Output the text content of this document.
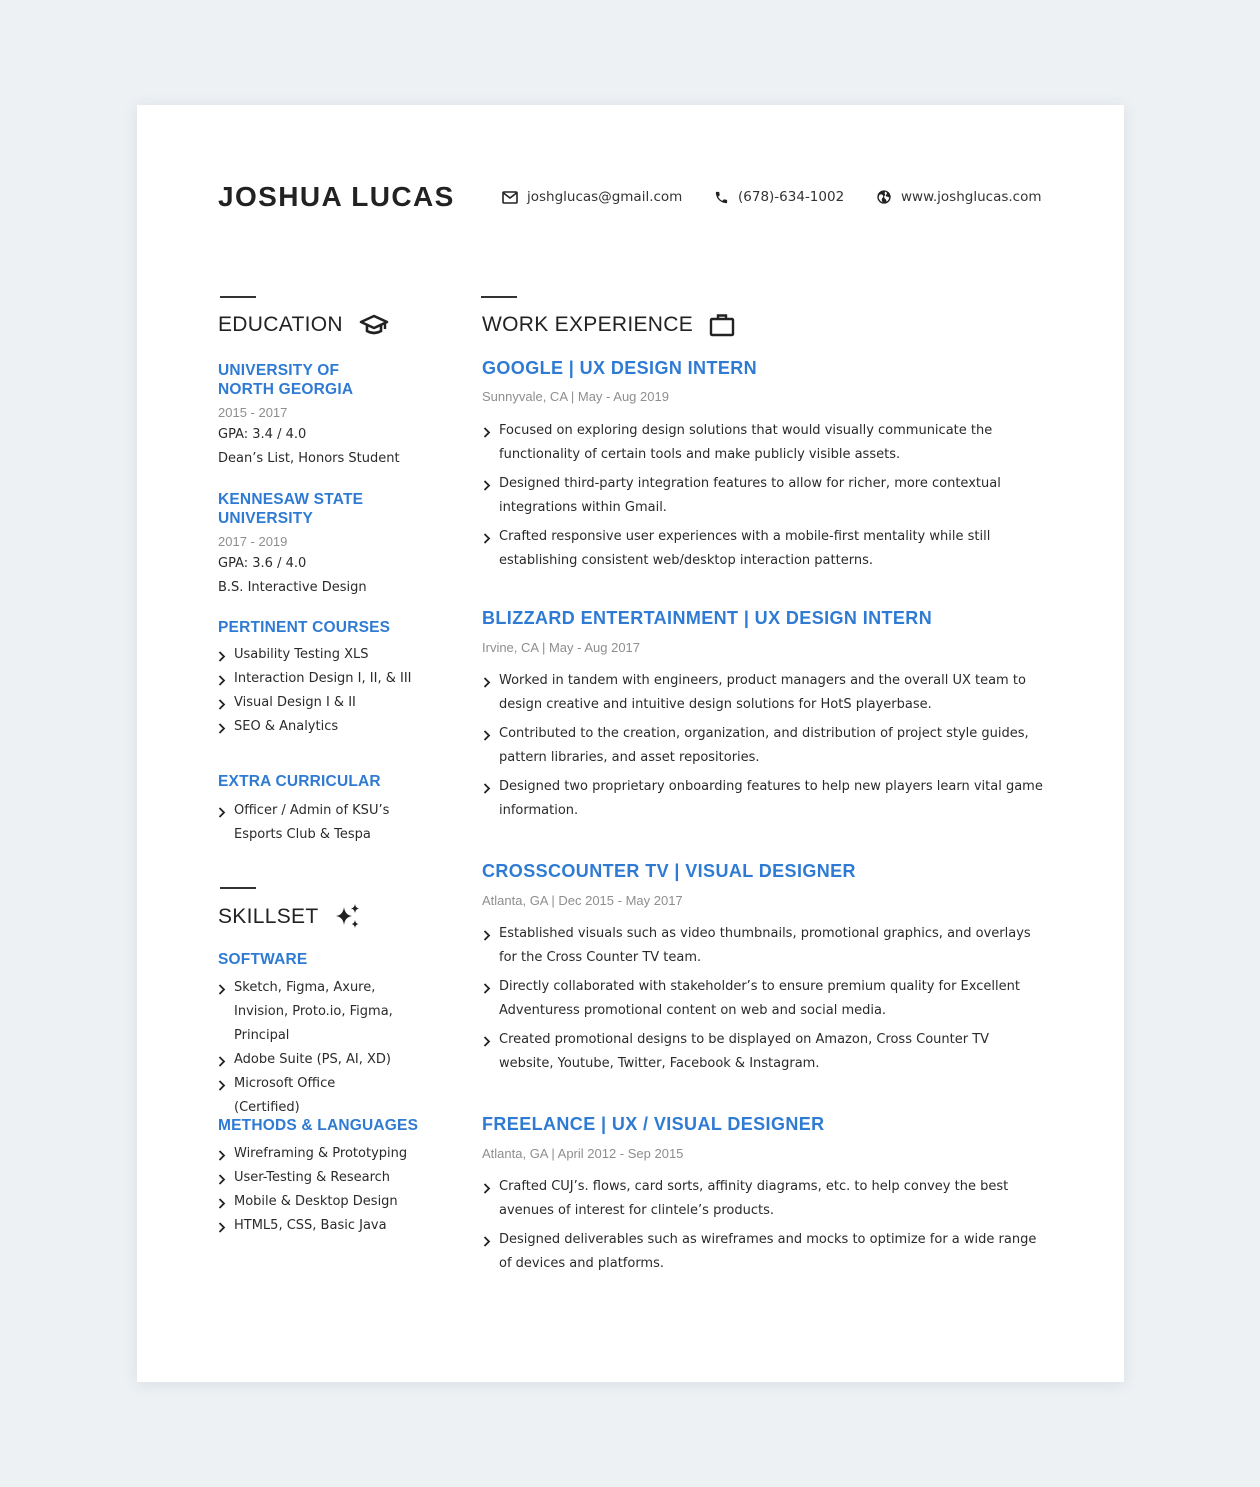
JOSHUA LUCAS	joshglucas@gmail.com	(678)-634-1002	www.joshglucas.com
EDUCATION
UNIVERSITY OF
NORTH GEORGIA
2015 - 2017
GPA: 3.4 / 4.0
Dean’s List, Honors Student
KENNESAW STATE
UNIVERSITY
2017 - 2019
GPA: 3.6 / 4.0
B.S. Interactive Design
PERTINENT COURSES
Usability Testing XLS
Interaction Design I, II, & III
Visual Design I & II
SEO & Analytics
EXTRA CURRICULAR
Officer / Admin of KSU’s Esports Club & Tespa
SKILLSET
SOFTWARE
Sketch, Figma, Axure, Invision, Proto.io, Figma, Principal
Adobe Suite (PS, AI, XD)
Microsoft Office (Certified)
METHODS & LANGUAGES
Wireframing & Prototyping
User-Testing & Research
Mobile & Desktop Design
HTML5, CSS, Basic Java
WORK EXPERIENCE
GOOGLE | UX DESIGN INTERN
Sunnyvale, CA | May - Aug 2019
Focused on exploring design solutions that would visually communicate the functionality of certain tools and make publicly visible assets.
Designed third-party integration features to allow for richer, more contextual integrations within Gmail.
Crafted responsive user experiences with a mobile-first mentality while still establishing consistent web/desktop interaction patterns.
BLIZZARD ENTERTAINMENT | UX DESIGN INTERN
Irvine, CA | May - Aug 2017
Worked in tandem with engineers, product managers and the overall UX team to design creative and intuitive design solutions for HotS playerbase.
Contributed to the creation, organization, and distribution of project style guides, pattern libraries, and asset repositories.
Designed two proprietary onboarding features to help new players learn vital game information.
CROSSCOUNTER TV | VISUAL DESIGNER
Atlanta, GA | Dec 2015 - May 2017
Established visuals such as video thumbnails, promotional graphics, and overlays for the Cross Counter TV team.
Directly collaborated with stakeholder’s to ensure premium quality for Excellent Adventuress promotional content on web and social media.
Created promotional designs to be displayed on Amazon, Cross Counter TV website, Youtube, Twitter, Facebook & Instagram.
FREELANCE | UX / VISUAL DESIGNER
Atlanta, GA | April 2012 - Sep 2015
Crafted CUJ’s. flows, card sorts, affinity diagrams, etc. to help convey the best avenues of interest for clintele’s products.
Designed deliverables such as wireframes and mocks to optimize for a wide range of devices and platforms.
